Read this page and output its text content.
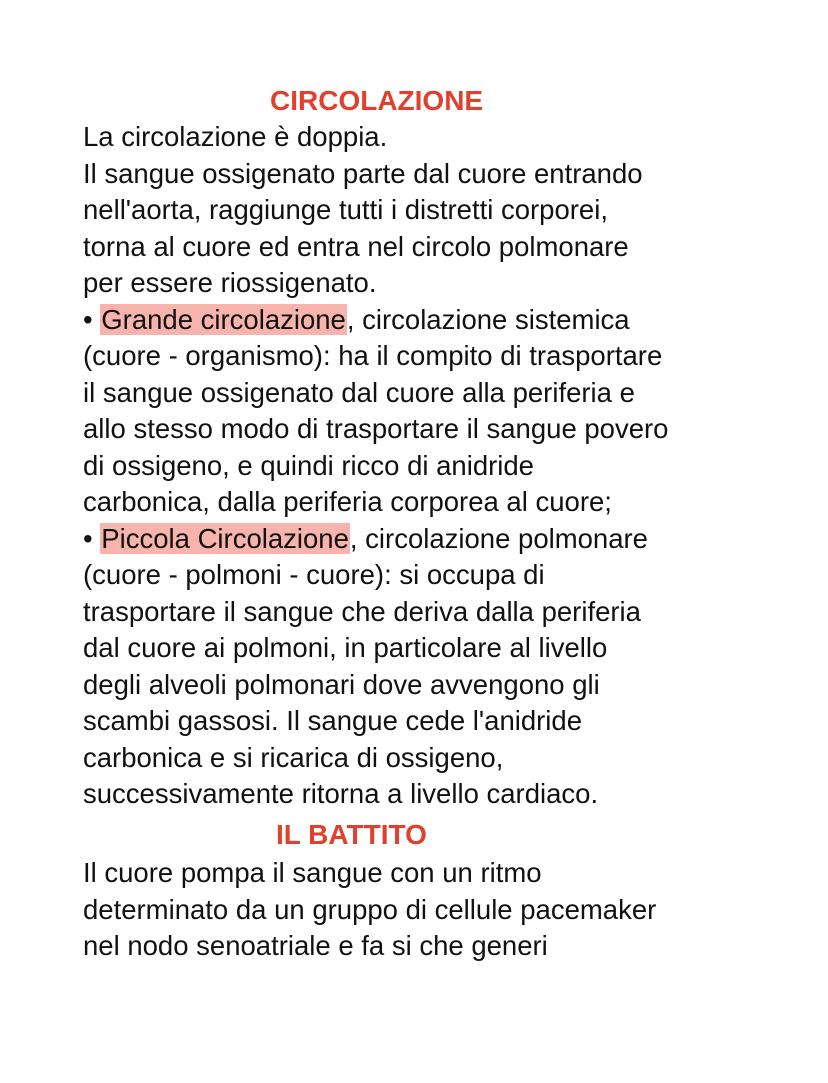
CIRCOLAZIONE
La circolazione è doppia.
Il sangue ossigenato parte dal cuore entrando
nell'aorta, raggiunge tutti i distretti corporei,
torna al cuore ed entra nel circolo polmonare
per essere riossigenato.
• Grande circolazione, circolazione sistemica
(cuore - organismo): ha il compito di trasportare
il sangue ossigenato dal cuore alla periferia e
allo stesso modo di trasportare il sangue povero
di ossigeno, e quindi ricco di anidride
carbonica, dalla periferia corporea al cuore;
• Piccola Circolazione, circolazione polmonare
(cuore - polmoni - cuore): si occupa di
trasportare il sangue che deriva dalla periferia
dal cuore ai polmoni, in particolare al livello
degli alveoli polmonari dove avvengono gli
scambi gassosi. Il sangue cede l'anidride
carbonica e si ricarica di ossigeno,
successivamente ritorna a livello cardiaco.
IL BATTITO
Il cuore pompa il sangue con un ritmo
determinato da un gruppo di cellule pacemaker
nel nodo senoatriale e fa si che generi
